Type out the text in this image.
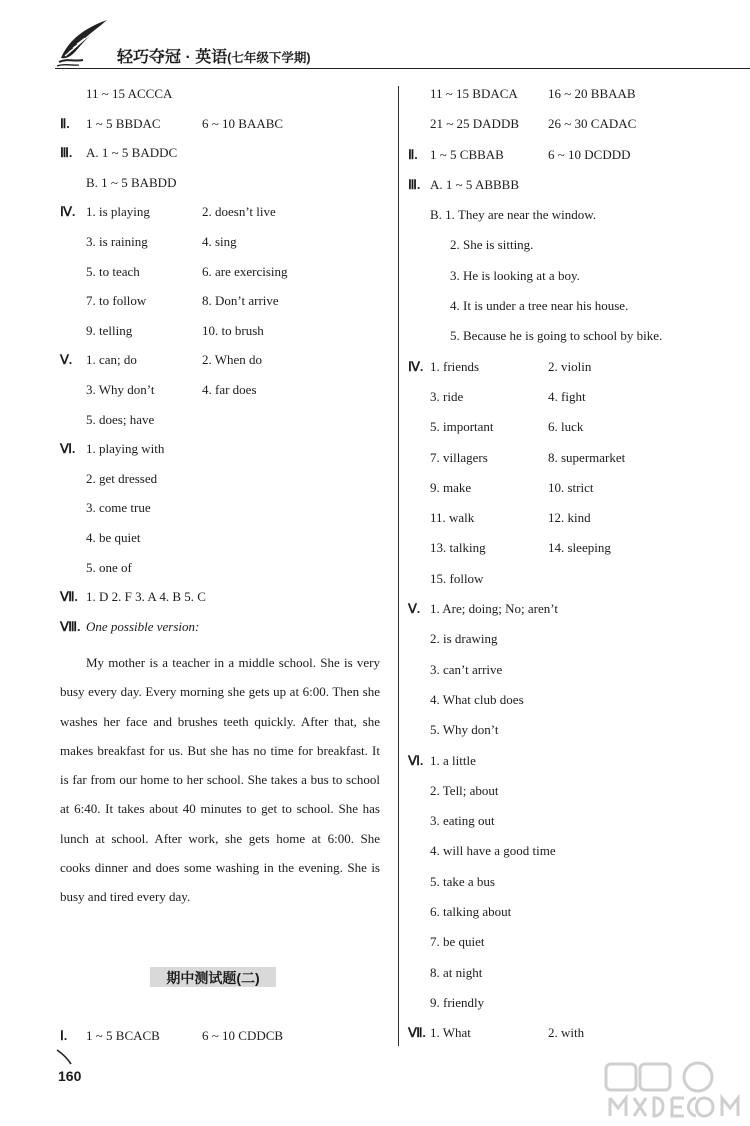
轻巧夺冠 · 英语(七年级下学期)
11 ~ 15 ACCCA
Ⅱ. 1 ~ 5 BBDAC	6 ~ 10 BAABC
Ⅲ. A. 1 ~ 5 BADDC
B. 1 ~ 5 BABDD
Ⅳ. 1. is playing	2. doesn’t live
3. is raining	4. sing
5. to teach	6. are exercising
7. to follow	8. Don’t arrive
9. telling	10. to brush
Ⅴ. 1. can; do	2. When do
3. Why don’t	4. far does
5. does; have
Ⅵ. 1. playing with
2. get dressed
3. come true
4. be quiet
5. one of
Ⅶ. 1. D 2. F 3. A 4. B 5. C
Ⅷ. One possible version:

My mother is a teacher in a middle school. She is very busy every day. Every morning she gets up at 6:00. Then she washes her face and brushes teeth quickly. After that, she makes breakfast for us. But she has no time for breakfast. It is far from our home to her school. She takes a bus to school at 6:40. It takes about 40 minutes to get to school. She has lunch at school. After work, she gets home at 6:00. She cooks dinner and does some washing in the evening. She is busy and tired every day.

期中测试题(二)
Ⅰ. 1 ~ 5 BCACB	6 ~ 10 CDDCB
11 ~ 15 BDACA 16 ~ 20 BBAAB
21 ~ 25 DADDB 26 ~ 30 CADAC
Ⅱ. 1 ~ 5 CBBAB	6 ~ 10 DCDDD
Ⅲ. A. 1 ~ 5 ABBBB
B. 1. They are near the window.
2. She is sitting.
3. He is looking at a boy.
4. It is under a tree near his house.
5. Because he is going to school by bike.
Ⅳ. 1. friends	2. violin
3. ride	4. fight
5. important	6. luck
7. villagers	8. supermarket
9. make	10. strict
11. walk	12. kind
13. talking	14. sleeping
15. follow
Ⅴ. 1. Are; doing; No; aren’t
2. is drawing
3. can’t arrive
4. What club does
5. Why don’t
Ⅵ. 1. a little
2. Tell; about
3. eating out
4. will have a good time
5. take a bus
6. talking about
7. be quiet
8. at night
9. friendly
Ⅶ. 1. What	2. with
160
